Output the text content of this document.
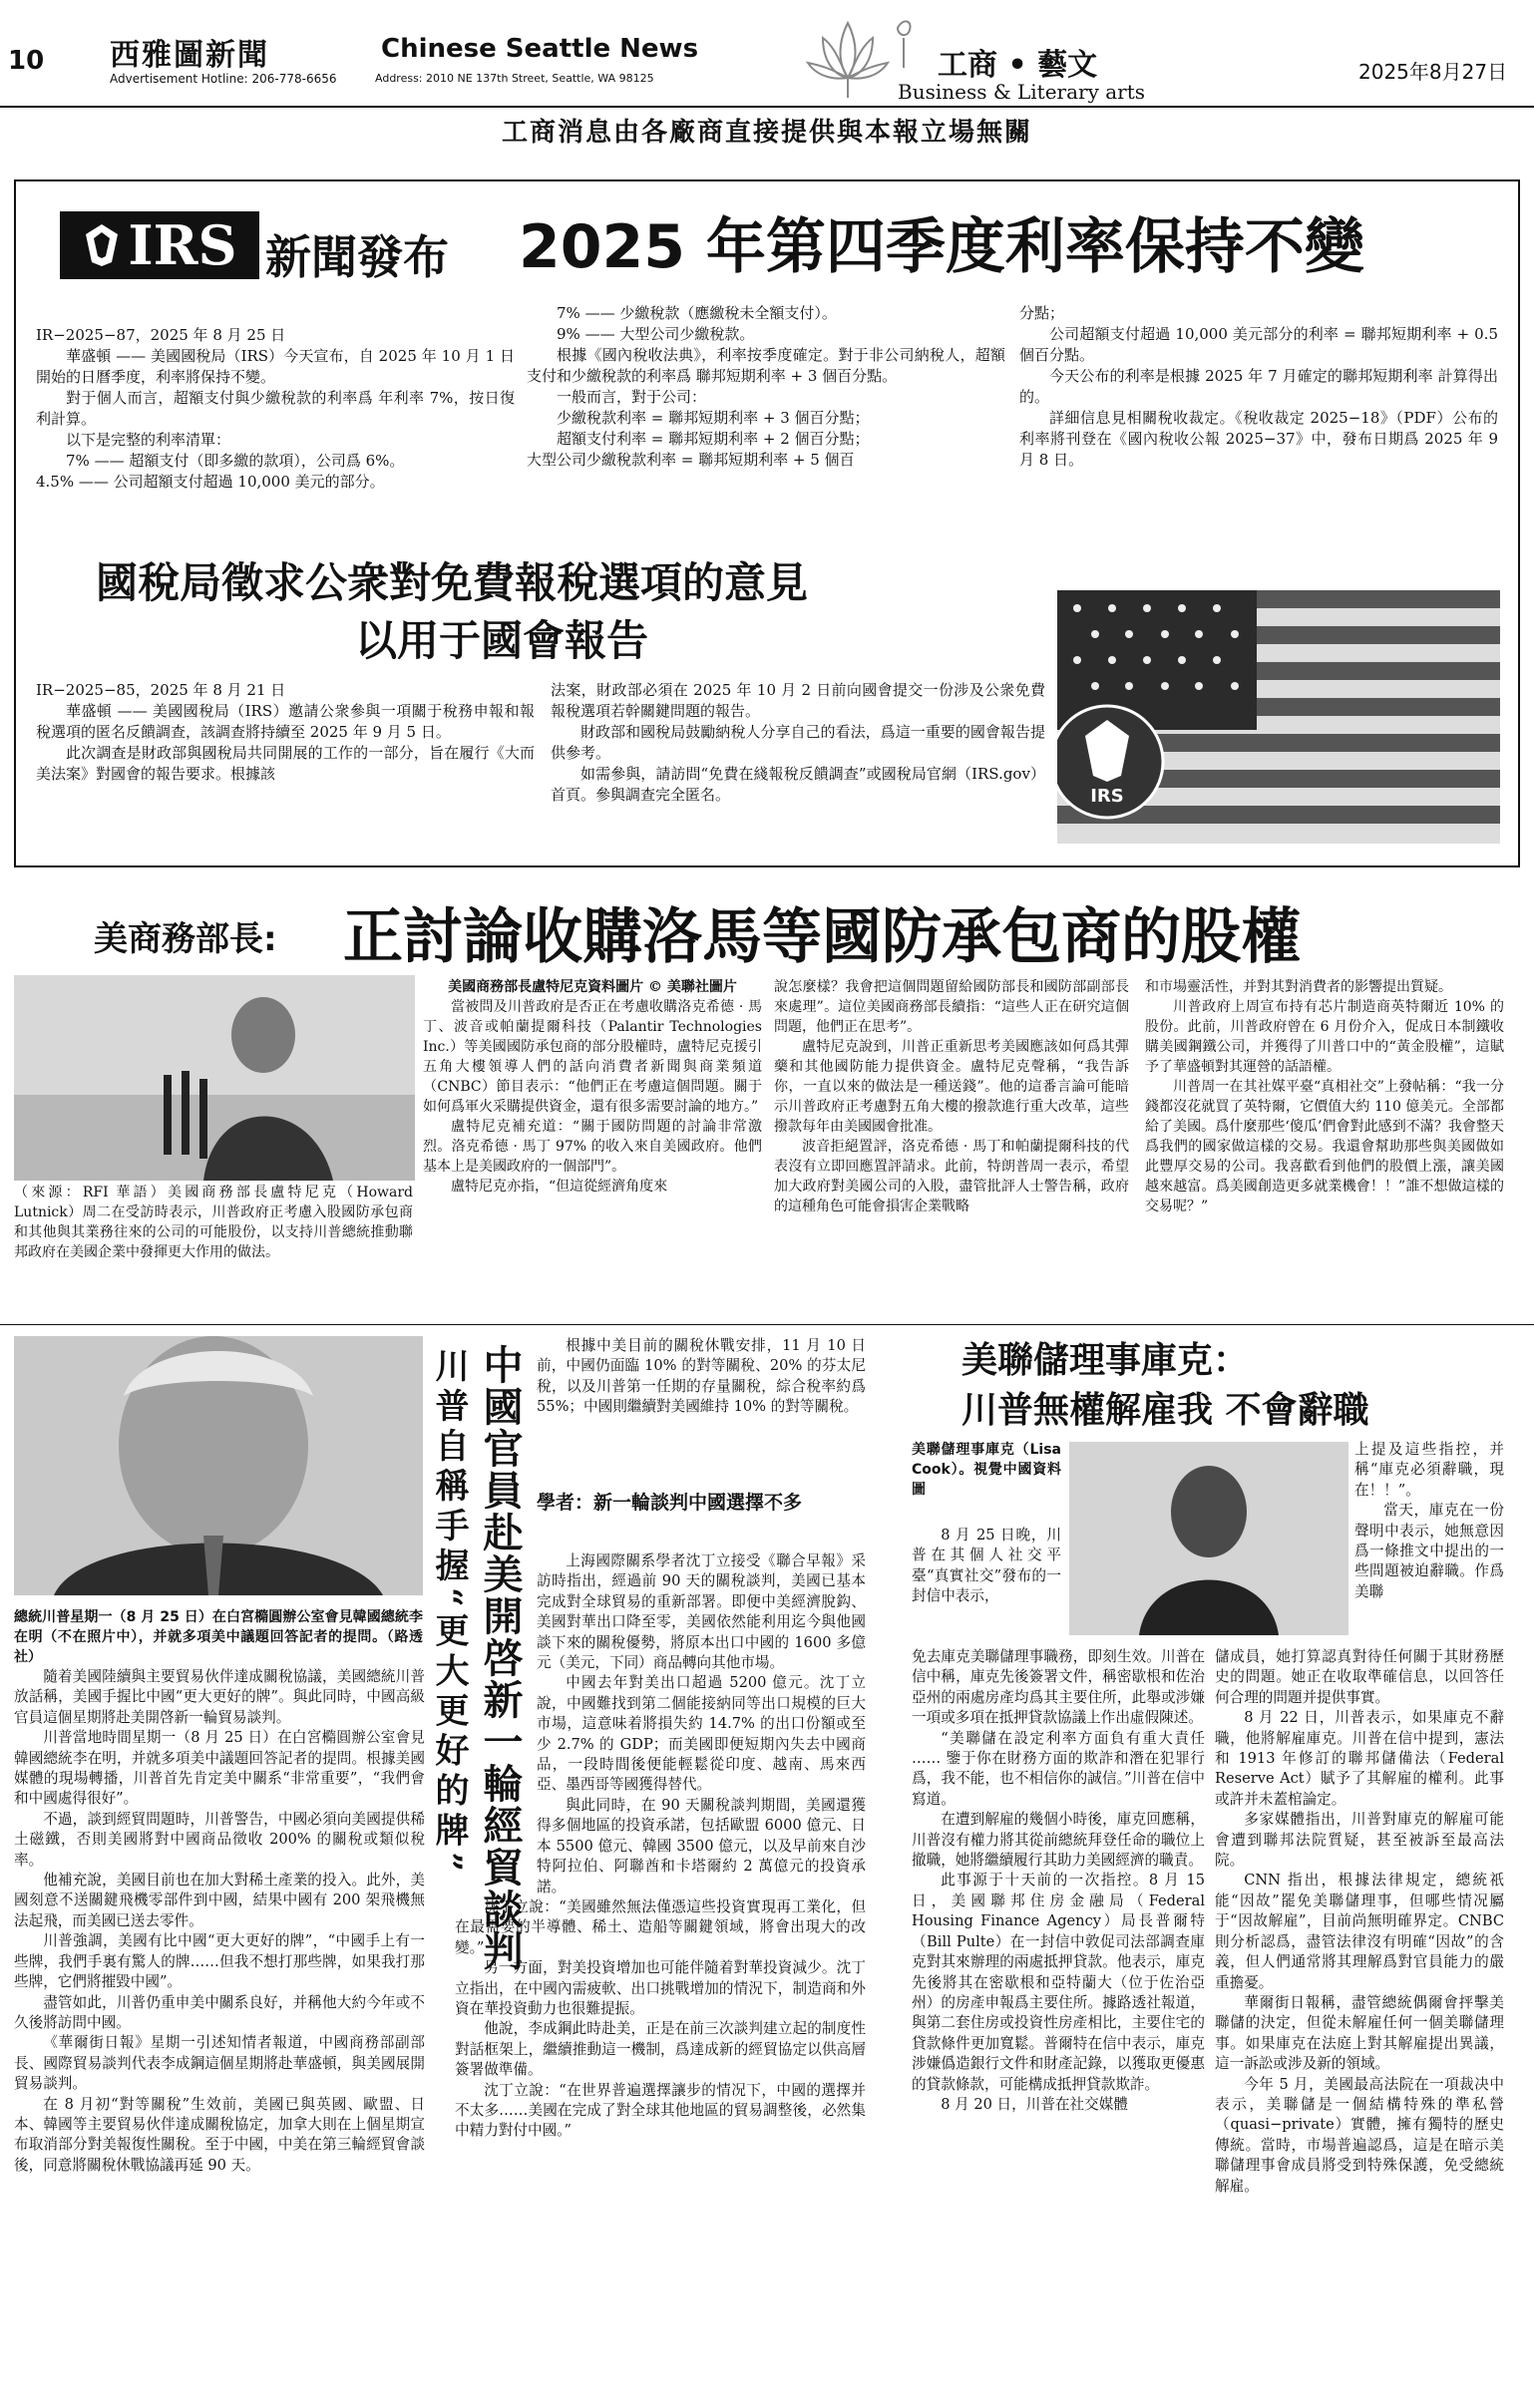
10 西雅圖新聞	Chinese Seattle News
Advertisement Hotline: 206-778-6656	Address: 2010 NE 137th Street, Seattle, WA 98125	工商 • 藝文
Business & Literary arts
2025年8月27日
工商消息由各廠商直接提供與本報立場無關
IRS 新聞發布 2025 年第四季度利率保持不變

IR−2025−87，2025 年 8 月 25 日

華盛頓 —— 美國國稅局（IRS）今天宣布，自 2025 年 10 月 1 日開始的日曆季度，利率將保持不變。

對于個人而言，超額支付與少繳稅款的利率爲 年利率 7%，按日復利計算。

以下是完整的利率清單：

7% —— 超額支付（即多繳的款項），公司爲 6%。

4.5% —— 公司超額支付超過 10,000 美元的部分。

7% —— 少繳稅款（應繳稅未全額支付）。

9% —— 大型公司少繳稅款。

根據《國內稅收法典》，利率按季度確定。對于非公司納稅人，超額支付和少繳稅款的利率爲 聯邦短期利率 + 3 個百分點。

一般而言，對于公司：

少繳稅款利率 = 聯邦短期利率 + 3 個百分點；

超額支付利率 = 聯邦短期利率 + 2 個百分點；

大型公司少繳稅款利率 = 聯邦短期利率 + 5 個百

分點；

公司超額支付超過 10,000 美元部分的利率 = 聯邦短期利率 + 0.5 個百分點。

今天公布的利率是根據 2025 年 7 月確定的聯邦短期利率 計算得出的。

詳細信息見相關稅收裁定。《稅收裁定 2025−18》（PDF）公布的利率將刊登在《國內稅收公報 2025−37》中，發布日期爲 2025 年 9 月 8 日。

國稅局徵求公衆對免費報稅選項的意見
以用于國會報告
IRS

IR−2025−85，2025 年 8 月 21 日

華盛頓 —— 美國國稅局（IRS）邀請公衆參與一項關于稅務申報和報稅選項的匿名反饋調查，該調查將持續至 2025 年 9 月 5 日。

此次調查是財政部與國稅局共同開展的工作的一部分，旨在履行《大而美法案》對國會的報告要求。根據該

法案，財政部必須在 2025 年 10 月 2 日前向國會提交一份涉及公衆免費報稅選項若幹關鍵問題的報告。

財政部和國稅局鼓勵納稅人分享自己的看法，爲這一重要的國會報告提供參考。

如需參與，請訪問“免費在綫報稅反饋調查”或國稅局官網（IRS.gov）首頁。參與調查完全匿名。

美商務部長: 正討論收購洛馬等國防承包商的股權
（來源：RFI 華語）美國商務部長盧特尼克（Howard Lutnick）周二在受訪時表示，川普政府正考慮入股國防承包商和其他與其業務往來的公司的可能股份，以支持川普總統推動聯邦政府在美國企業中發揮更大作用的做法。

美國商務部長盧特尼克資料圖片 © 美聯社圖片

當被問及川普政府是否正在考慮收購洛克希德 · 馬丁、波音或帕蘭提爾科技（Palantir Technologies Inc.）等美國國防承包商的部分股權時，盧特尼克援引五角大樓領導人們的話向消費者新聞與商業頻道（CNBC）節目表示：“他們正在考慮這個問題。關于如何爲軍火采購提供資金，還有很多需要討論的地方。”

盧特尼克補充道：“關于國防問題的討論非常激烈。洛克希德 · 馬丁 97% 的收入來自美國政府。他們基本上是美國政府的一個部門”。

盧特尼克亦指，“但這從經濟角度來

說怎麼樣？我會把這個問題留給國防部長和國防部副部長來處理”。這位美國商務部長續指：“這些人正在研究這個問題，他們正在思考”。

盧特尼克說到，川普正重新思考美國應該如何爲其彈藥和其他國防能力提供資金。盧特尼克聲稱，“我告訴你，一直以來的做法是一種送錢”。他的這番言論可能暗示川普政府正考慮對五角大樓的撥款進行重大改革，這些撥款每年由美國國會批准。

波音拒絕置評，洛克希德 · 馬丁和帕蘭提爾科技的代表沒有立即回應置評請求。此前，特朗普周一表示，希望加大政府對美國公司的入股，盡管批評人士警告稱，政府的這種角色可能會損害企業戰略

和市場靈活性，并對其對消費者的影響提出質疑。

川普政府上周宣布持有芯片制造商英特爾近 10% 的股份。此前，川普政府曾在 6 月份介入，促成日本制鐵收購美國鋼鐵公司，并獲得了川普口中的“黃金股權”，這賦予了華盛頓對其運營的話語權。

川普周一在其社媒平臺“真相社交”上發帖稱：“我一分錢都沒花就買了英特爾，它價值大約 110 億美元。全部都給了美國。爲什麼那些‘傻瓜’們會對此感到不滿？我會整天爲我們的國家做這樣的交易。我還會幫助那些與美國做如此豐厚交易的公司。我喜歡看到他們的股價上漲，讓美國越來越富。爲美國創造更多就業機會！！”誰不想做這樣的交易呢？”

總統川普星期一（8 月 25 日）在白宮橢圓辦公室會見韓國總統李在明（不在照片中），并就多項美中議題回答記者的提問。（路透社）	中國官員赴美開啓新一輪經貿談判
川普自稱手握“更大更好的牌”

隨着美國陸續與主要貿易伙伴達成關稅協議，美國總統川普放話稱，美國手握比中國“更大更好的牌”。與此同時，中國高級官員這個星期將赴美開啓新一輪貿易談判。

川普當地時間星期一（8 月 25 日）在白宮橢圓辦公室會見韓國總統李在明，并就多項美中議題回答記者的提問。根據美國媒體的現場轉播，川普首先肯定美中關系“非常重要”，“我們會和中國處得很好”。

不過，談到經貿問題時，川普警告，中國必須向美國提供稀土磁鐵，否則美國將對中國商品徵收 200% 的關稅或類似稅率。

他補充說，美國目前也在加大對稀土產業的投入。此外，美國刻意不送關鍵飛機零部件到中國，結果中國有 200 架飛機無法起飛，而美國已送去零件。

川普強調，美國有比中國“更大更好的牌”，“中國手上有一些牌，我們手裏有驚人的牌……但我不想打那些牌，如果我打那些牌，它們將摧毀中國”。

盡管如此，川普仍重申美中關系良好，并稱他大約今年或不久後將訪問中國。

《華爾街日報》星期一引述知情者報道，中國商務部副部長、國際貿易談判代表李成鋼這個星期將赴華盛頓，與美國展開貿易談判。

在 8 月初“對等關稅”生效前，美國已與英國、歐盟、日本、韓國等主要貿易伙伴達成關稅協定，加拿大則在上個星期宣布取消部分對美報復性關稅。至于中國，中美在第三輪經貿會談後，同意將關稅休戰協議再延 90 天。

根據中美目前的關稅休戰安排，11 月 10 日前，中國仍面臨 10% 的對等關稅、20% 的芬太尼稅，以及川普第一任期的存量關稅，綜合稅率約爲 55%；中國則繼續對美國維持 10% 的對等關稅。

學者：新一輪談判中國選擇不多

上海國際關系學者沈丁立接受《聯合早報》采訪時指出，經過前 90 天的關稅談判，美國已基本完成對全球貿易的重新部署。即便中美經濟脫鈎、美國對華出口降至零，美國依然能利用迄今與他國談下來的關稅優勢，將原本出口中國的 1600 多億元（美元，下同）商品轉向其他市場。

中國去年對美出口超過 5200 億元。沈丁立說，中國難找到第二個能接納同等出口規模的巨大市場，這意味着將損失約 14.7% 的出口份額或至少 2.7% 的 GDP；而美國即便短期內失去中國商品，一段時間後便能輕鬆從印度、越南、馬來西亞、墨西哥等國獲得替代。

與此同時，在 90 天關稅談判期間，美國還獲得多個地區的投資承諾，包括歐盟 6000 億元、日本 5500 億元、韓國 3500 億元，以及早前來自沙特阿拉伯、阿聯酋和卡塔爾約 2 萬億元的投資承諾。

沈丁立說：“美國雖然無法僅憑這些投資實現再工業化，但在最需要的半導體、稀土、造船等關鍵領域，將會出現大的改變。”

另一方面，對美投資增加也可能伴隨着對華投資減少。沈丁立指出，在中國內需疲軟、出口挑戰增加的情況下，制造商和外資在華投資動力也很難提振。

他說，李成鋼此時赴美，正是在前三次談判建立起的制度性對話框架上，繼續推動這一機制，爲達成新的經貿協定以供高層簽署做準備。

沈丁立說：“在世界普遍選擇讓步的情况下，中國的選擇并不太多……美國在完成了對全球其他地區的貿易調整後，必然集中精力對付中國。”

美聯儲理事庫克：
川普無權解雇我 不會辭職
美聯儲理事庫克（Lisa Cook）。視覺中國資料圖

8 月 25 日晚，川普在其個人社交平臺“真實社交”發布的一封信中表示，

免去庫克美聯儲理事職務，即刻生效。川普在信中稱，庫克先後簽署文件，稱密歇根和佐治亞州的兩處房產均爲其主要住所，此舉或涉嫌一項或多項在抵押貸款協議上作出虛假陳述。

“美聯儲在設定利率方面負有重大責任 …… 鑒于你在財務方面的欺詐和潛在犯罪行爲，我不能，也不相信你的誠信。”川普在信中寫道。

在遭到解雇的幾個小時後，庫克回應稱，川普沒有權力將其從前總統拜登任命的職位上撤職，她將繼續履行其助力美國經濟的職責。

此事源于十天前的一次指控。8 月 15 日，美國聯邦住房金融局（Federal Housing Finance Agency）局長普爾特（Bill Pulte）在一封信中敦促司法部調查庫克對其來辦理的兩處抵押貸款。他表示，庫克先後將其在密歇根和亞特蘭大（位于佐治亞州）的房產申報爲主要住所。據路透社報道，與第二套住房或投資性房產相比，主要住宅的貸款條件更加寬鬆。普爾特在信中表示，庫克涉嫌僞造銀行文件和財產記錄，以獲取更優惠的貸款條款，可能構成抵押貸款欺詐。

8 月 20 日，川普在社交媒體

上提及這些指控，并稱“庫克必須辭職，現在！！”。

當天，庫克在一份聲明中表示，她無意因爲一條推文中提出的一些問題被迫辭職。作爲美聯

儲成員，她打算認真對待任何關于其財務歷史的問題。她正在收取準確信息，以回答任何合理的問題并提供事實。

8 月 22 日，川普表示，如果庫克不辭職，他將解雇庫克。川普在信中提到，憲法和 1913 年修訂的聯邦儲備法（Federal Reserve Act）賦予了其解雇的權利。此事或許并未蓋棺論定。

多家媒體指出，川普對庫克的解雇可能會遭到聯邦法院質疑，甚至被訴至最高法院。

CNN 指出，根據法律規定，總統祇能“因故”罷免美聯儲理事，但哪些情况屬于“因故解雇”，目前尚無明確界定。CNBC 則分析認爲，盡管法律沒有明確“因故”的含義，但人們通常將其理解爲對官員能力的嚴重擔憂。

華爾街日報稱，盡管總統偶爾會抨擊美聯儲的決定，但從未解雇任何一個美聯儲理事。如果庫克在法庭上對其解雇提出異議，這一訴訟或涉及新的領域。

今年 5 月，美國最高法院在一項裁决中表示，美聯儲是一個結構特殊的準私營（quasi−private）實體，擁有獨特的歷史傳統。當時，市場普遍認爲，這是在暗示美聯儲理事會成員將受到特殊保護，免受總統解雇。
